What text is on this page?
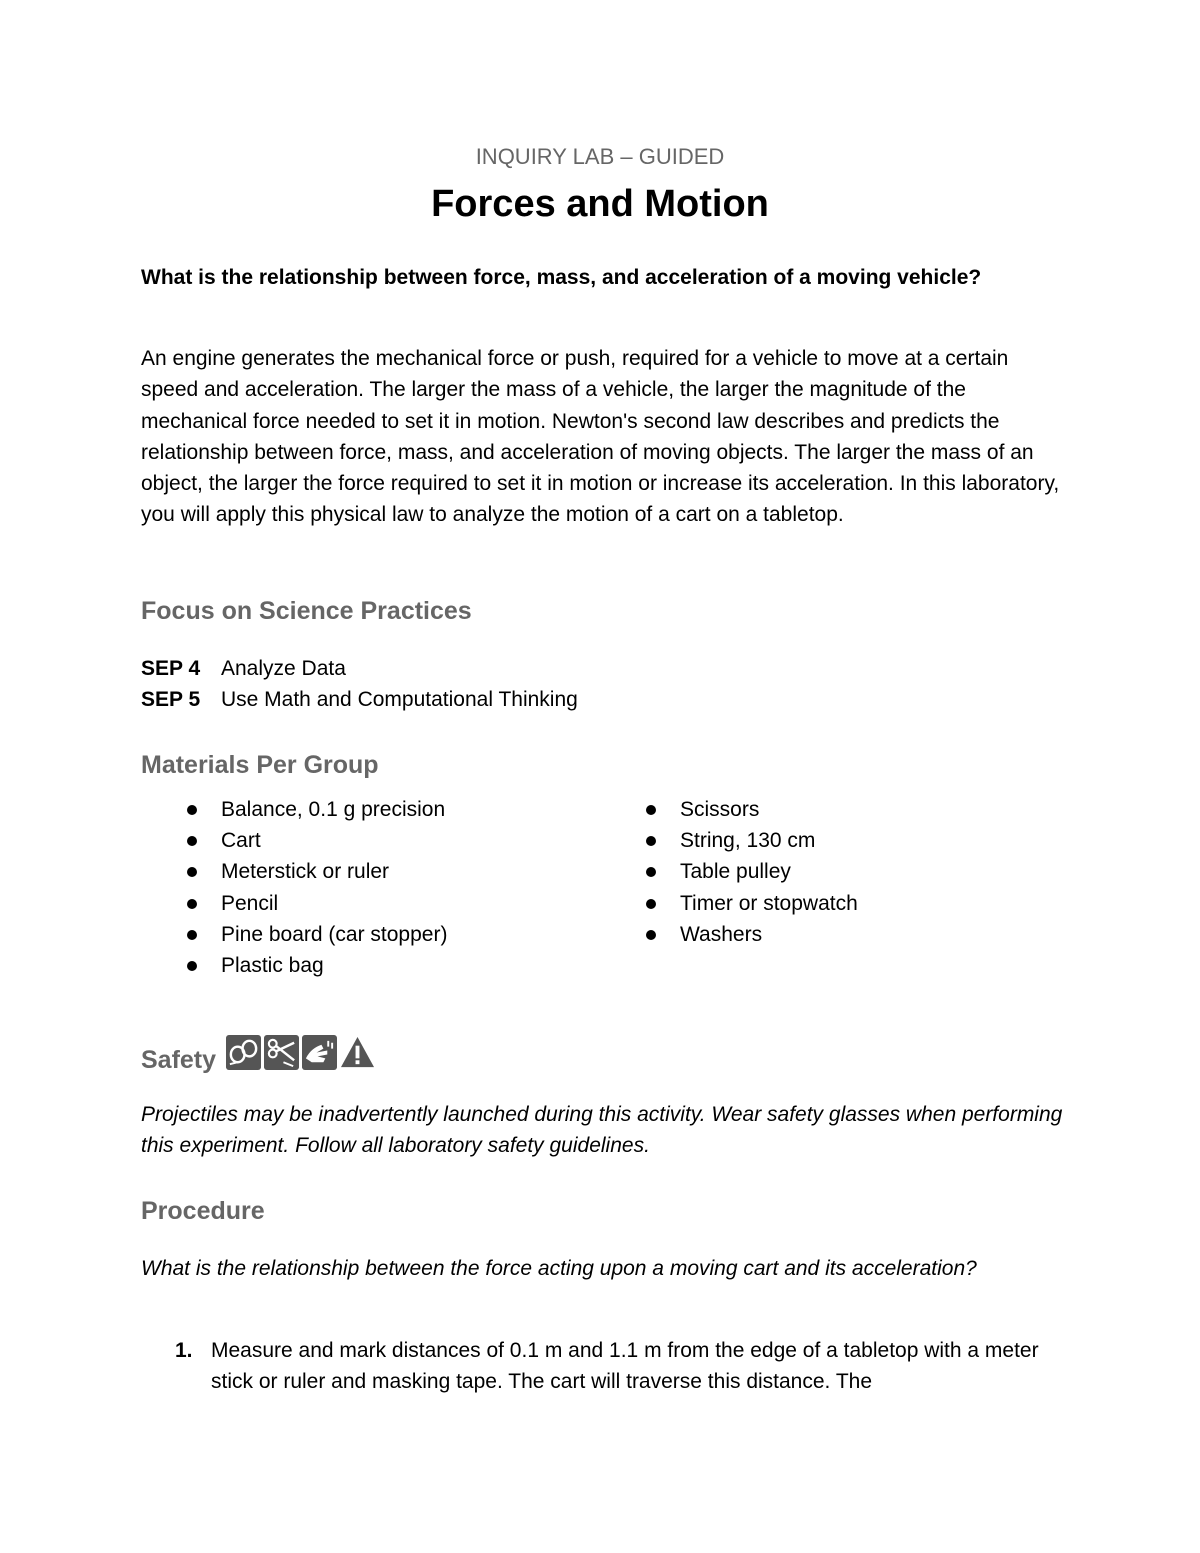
INQUIRY LAB – GUIDED
Forces and Motion

What is the relationship between force, mass, and acceleration of a moving vehicle?

An engine generates the mechanical force or push, required for a vehicle to move at a certain speed and acceleration. The larger the mass of a vehicle, the larger the magnitude of the mechanical force needed to set it in motion. Newton's second law describes and predicts the relationship between force, mass, and acceleration of moving objects. The larger the mass of an object, the larger the force required to set it in motion or increase its acceleration. In this laboratory, you will apply this physical law to analyze the motion of a cart on a tabletop.

Focus on Science Practices
SEP 4 Analyze Data
SEP 5 Use Math and Computational Thinking
Materials Per Group
Balance, 0.1 g precision
Cart
Meterstick or ruler
Pencil
Pine board (car stopper)
Plastic bag
Scissors
String, 130 cm
Table pulley
Timer or stopwatch
Washers
Safety

Projectiles may be inadvertently launched during this activity. Wear safety glasses when performing this experiment. Follow all laboratory safety guidelines.

Procedure

What is the relationship between the force acting upon a moving cart and its acceleration?

1. Measure and mark distances of 0.1 m and 1.1 m from the edge of a tabletop with a meter stick or ruler and masking tape. The cart will traverse this distance. The
